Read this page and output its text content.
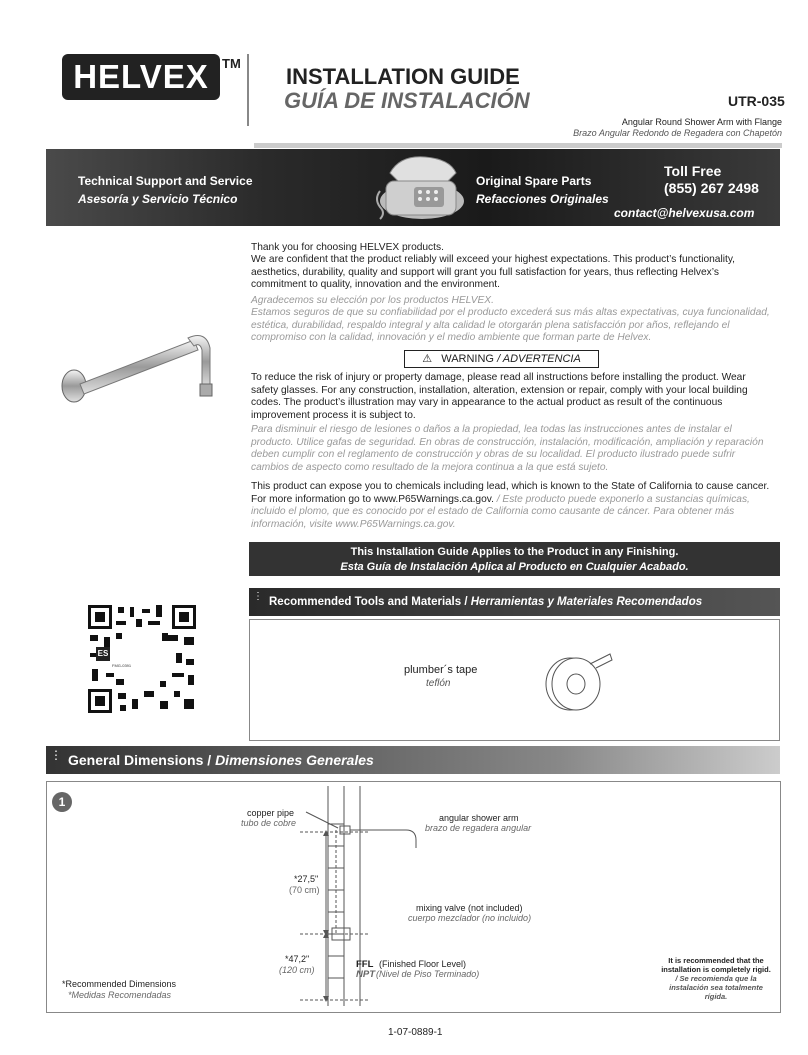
HELVEX	TM
INSTALLATION GUIDE
GUÍA DE INSTALACIÓN	UTR-035
Angular Round Shower Arm with Flange
Brazo Angular Redondo de Regadera con Chapetón
Technical Support and Service
Asesoría y Servicio Técnico
Original Spare Parts
Refacciones Originales
Toll Free
(855) 267 2498
contact@helvexusa.com
Thank you for choosing HELVEX products.
We are confident that the product reliably will exceed your highest expectations. This product’s functionality, aesthetics, durability, quality and support will grant you full satisfaction for years, thus reflecting Helvex’s commitment to quality, innovation and the environment.
Agradecemos su elección por los productos HELVEX.
Estamos seguros de que su confiabilidad por el producto excederá sus más altas expectativas, cuya funcionalidad, estética, durabilidad, respaldo integral y alta calidad le otorgarán plena satisfacción por años, reflejando el compromiso con la calidad, innovación y el medio ambiente que forman parte de Helvex.
⚠ WARNING / ADVERTENCIA
To reduce the risk of injury or property damage, please read all instructions before installing the product. Wear safety glasses. For any construction, installation, alteration, extension or repair, comply with your local building codes. The product’s illustration may vary in appearance to the actual product as result of the continuous improvement process it is subject to.
Para disminuir el riesgo de lesiones o daños a la propiedad, lea todas las instrucciones antes de instalar el producto. Utilice gafas de seguridad. En obras de construcción, instalación, modificación, ampliación y reparación deben cumplir con el reglamento de construcción y obras de su localidad. El producto ilustrado puede sufrir cambios de aspecto como resultado de la mejora continua a la que está sujeto.
This product can expose you to chemicals including lead, which is known to the State of California to cause cancer. For more information go to www.P65Warnings.ca.gov. / Este producto puede exponerlo a sustancias químicas, incluido el plomo, que es conocido por el estado de California como causante de cáncer. Para obtener más información, visite www.P65Warnings.ca.gov.
This Installation Guide Applies to the Product in any Finishing.
Esta Guía de Instalación Aplica al Producto en Cualquier Acabado.
ES
FMG-0391
Recommended Tools and Materials / Herramientas y Materiales Recomendados
⋮
plumber´s tape
teflón
General Dimensions / Dimensiones Generales
⋮
1
copper pipe
tubo de cobre	angular shower arm
brazo de regadera angular
*27,5"
(70 cm)
mixing valve (not included)
cuerpo mezclador (no incluido)
*47,2"
(120 cm)	FFL (Finished Floor Level)
NPT (Nivel de Piso Terminado)
*Recommended Dimensions
*Medidas Recomendadas
It is recommended that the installation is completely rigid. / Se recomienda que la instalación sea totalmente rígida.
1-07-0889-1
